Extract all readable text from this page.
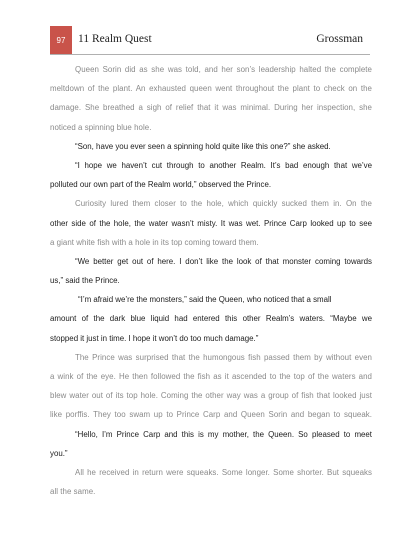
97	11 Realm Quest	Grossman
Queen Sorin did as she was told, and her son’s leadership halted the complete
meltdown of the plant. An exhausted queen went throughout the plant to check on the
damage. She breathed a sigh of relief that it was minimal. During her inspection, she
noticed a spinning blue hole.
“Son, have you ever seen a spinning hold quite like this one?” she asked.
“I hope we haven’t cut through to another Realm. It’s bad enough that we’ve
polluted our own part of the Realm world,” observed the Prince.
Curiosity lured them closer to the hole, which quickly sucked them in. On the
other side of the hole, the water wasn’t misty. It was wet. Prince Carp looked up to see
a giant white fish with a hole in its top coming toward them.
“We better get out of here. I don’t like the look of that monster coming towards
us,” said the Prince.
“I’m afraid we’re the monsters,” said the Queen, who noticed that a small
amount of the dark blue liquid had entered this other Realm’s waters. “Maybe we
stopped it just in time. I hope it won’t do too much damage.”
The Prince was surprised that the humongous fish passed them by without even
a wink of the eye. He then followed the fish as it ascended to the top of the waters and
blew water out of its top hole. Coming the other way was a group of fish that looked just
like porffis. They too swam up to Prince Carp and Queen Sorin and began to squeak.
“Hello, I’m Prince Carp and this is my mother, the Queen. So pleased to meet
you.”
All he received in return were squeaks. Some longer. Some shorter. But squeaks
all the same.
